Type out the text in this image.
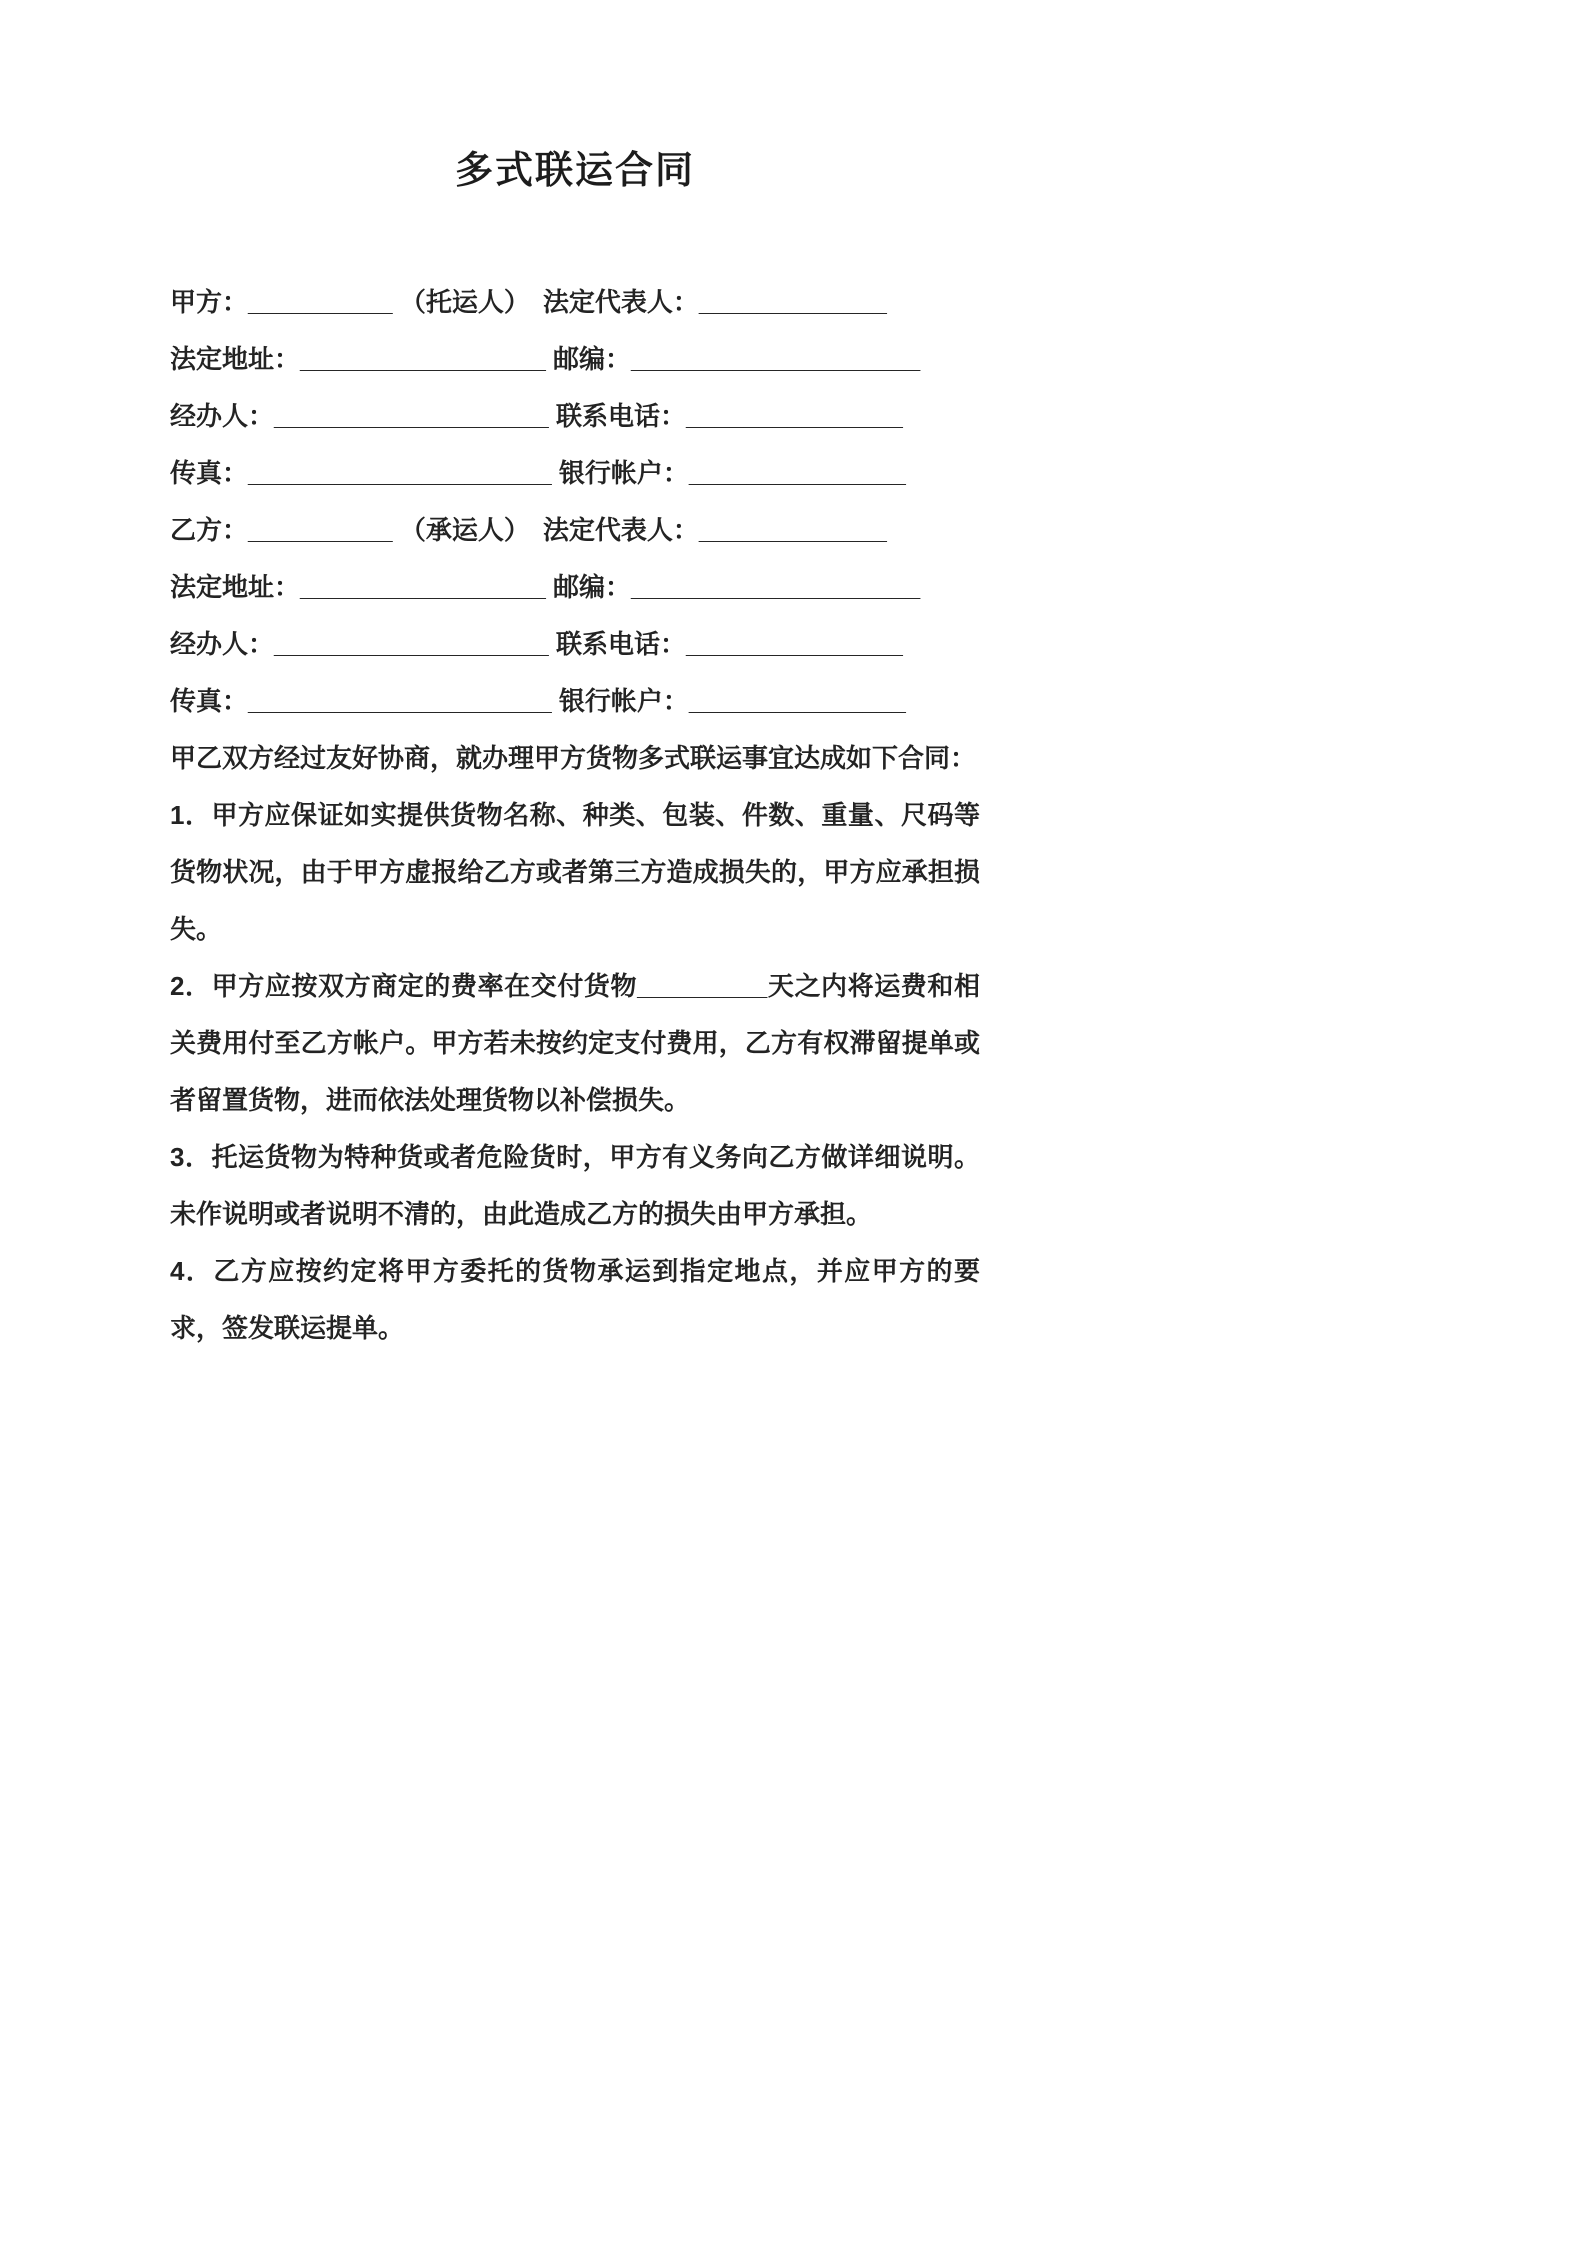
多式联运合同
甲方：__________ （托运人）　法定代表人：_____________
法定地址：_________________ 邮编：____________________
经办人：___________________ 联系电话：_______________
传真：_____________________ 银行帐户：_______________
乙方：__________ （承运人）　法定代表人：_____________
法定地址：_________________ 邮编：____________________
经办人：___________________ 联系电话：_______________
传真：_____________________ 银行帐户：_______________

甲乙双方经过友好协商，就办理甲方货物多式联运事宜达成如下合同：

1．甲方应保证如实提供货物名称、种类、包装、件数、重量、尺码等货物状况，由于甲方虚报给乙方或者第三方造成损失的，甲方应承担损失。

2．甲方应按双方商定的费率在交付货物_________天之内将运费和相关费用付至乙方帐户。甲方若未按约定支付费用，乙方有权滞留提单或者留置货物，进而依法处理货物以补偿损失。

3．托运货物为特种货或者危险货时，甲方有义务向乙方做详细说明。未作说明或者说明不清的，由此造成乙方的损失由甲方承担。

4．乙方应按约定将甲方委托的货物承运到指定地点，并应甲方的要求，签发联运提单。
